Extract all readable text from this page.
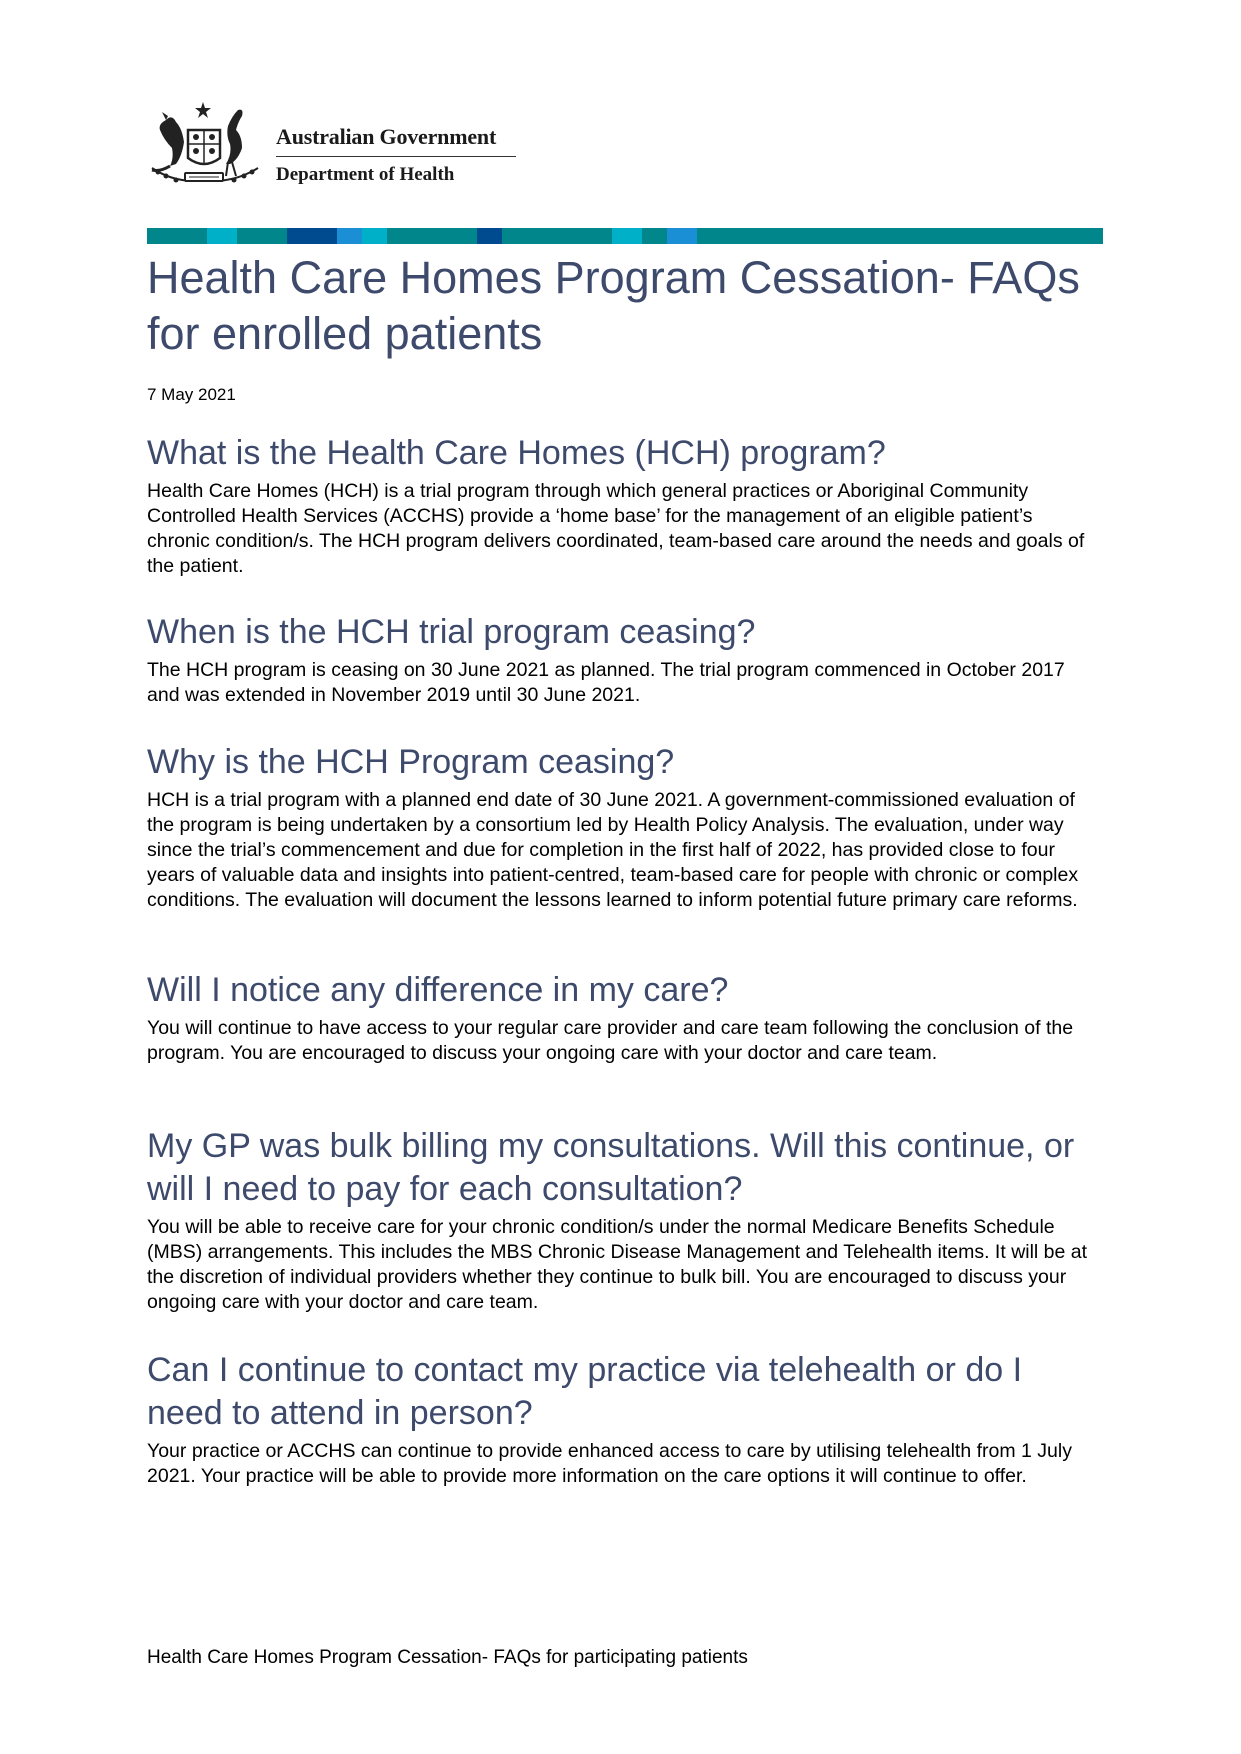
Australian Government
Department of Health
Health Care Homes Program Cessation- FAQs for enrolled patients
7 May 2021
What is the Health Care Homes (HCH) program?

Health Care Homes (HCH) is a trial program through which general practices or Aboriginal Community Controlled Health Services (ACCHS) provide a ‘home base’ for the management of an eligible patient’s chronic condition/s. The HCH program delivers coordinated, team-based care around the needs and goals of the patient.

When is the HCH trial program ceasing?

The HCH program is ceasing on 30 June 2021 as planned. The trial program commenced in October 2017 and was extended in November 2019 until 30 June 2021.

Why is the HCH Program ceasing?

HCH is a trial program with a planned end date of 30 June 2021. A government-commissioned evaluation of the program is being undertaken by a consortium led by Health Policy Analysis. The evaluation, under way since the trial’s commencement and due for completion in the first half of 2022, has provided close to four years of valuable data and insights into patient-centred, team-based care for people with chronic or complex conditions. The evaluation will document the lessons learned to inform potential future primary care reforms.

Will I notice any difference in my care?

You will continue to have access to your regular care provider and care team following the conclusion of the program. You are encouraged to discuss your ongoing care with your doctor and care team.

My GP was bulk billing my consultations. Will this continue, or will I need to pay for each consultation?

You will be able to receive care for your chronic condition/s under the normal Medicare Benefits Schedule (MBS) arrangements. This includes the MBS Chronic Disease Management and Telehealth items. It will be at the discretion of individual providers whether they continue to bulk bill. You are encouraged to discuss your ongoing care with your doctor and care team.

Can I continue to contact my practice via telehealth or do I need to attend in person?

Your practice or ACCHS can continue to provide enhanced access to care by utilising telehealth from 1 July 2021. Your practice will be able to provide more information on the care options it will continue to offer.

Health Care Homes Program Cessation- FAQs for participating patients
